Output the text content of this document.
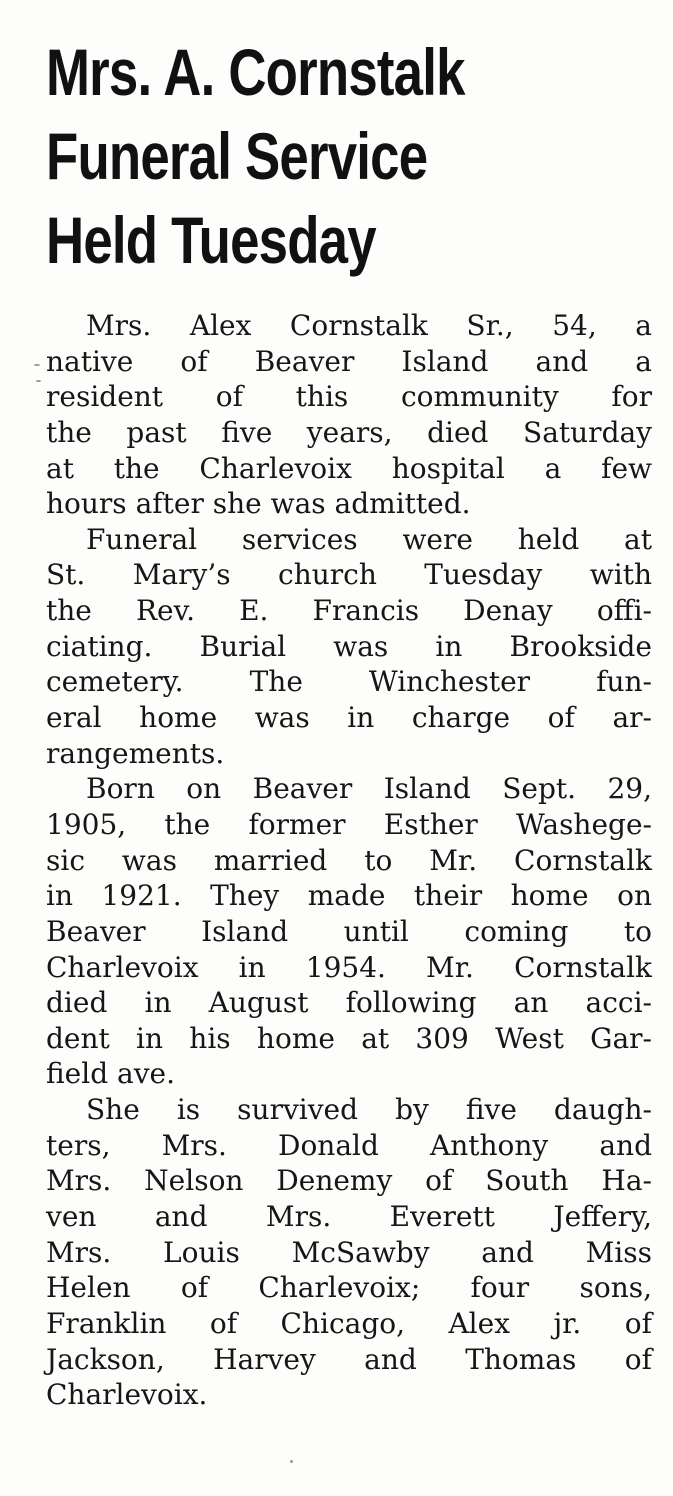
Mrs. A. Cornstalk
Funeral Service
Held Tuesday
Mrs. Alex Cornstalk Sr., 54, a
native of Beaver Island and a
resident of this community for
the past five years, died Saturday
at the Charlevoix hospital a few
hours after she was admitted.
Funeral services were held at
St. Mary’s church Tuesday with
the Rev. E. Francis Denay offi-
ciating. Burial was in Brookside
cemetery. The Winchester fun-
eral home was in charge of ar-
rangements.
Born on Beaver Island Sept. 29,
1905, the former Esther Washege-
sic was married to Mr. Cornstalk
in 1921. They made their home on
Beaver Island until coming to
Charlevoix in 1954. Mr. Cornstalk
died in August following an acci-
dent in his home at 309 West Gar-
field ave.
She is survived by five daugh-
ters, Mrs. Donald Anthony and
Mrs. Nelson Denemy of South Ha-
ven and Mrs. Everett Jeffery,
Mrs. Louis McSawby and Miss
Helen of Charlevoix; four sons,
Franklin of Chicago, Alex jr. of
Jackson, Harvey and Thomas of
Charlevoix.
